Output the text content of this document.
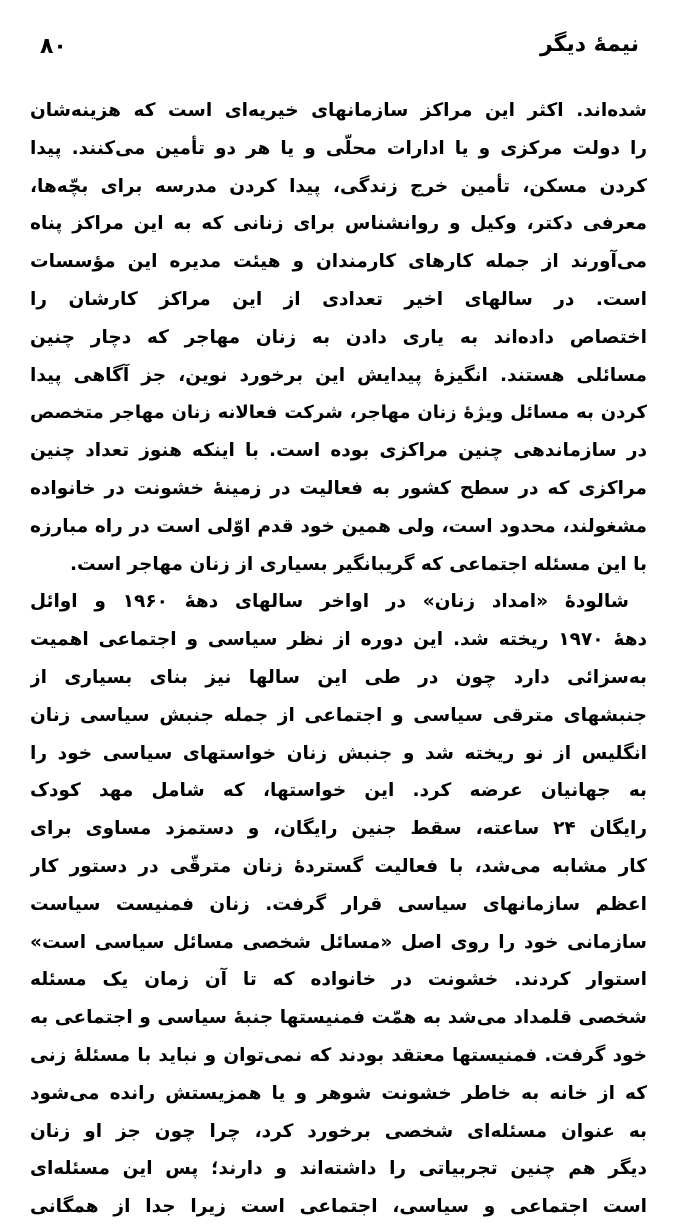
۸۰	نیمهٔ دیگر
شده‌اند. اکثر این مراکز سازمانهای خیریه‌ای است که هزینه‌شان
را دولت مرکزی و یا ادارات محلّی و یا هر دو تأمین می‌کنند. پیدا
کردن مسکن، تأمین خرج زندگی، پیدا کردن مدرسه برای بچّه‌ها،
معرفی دکتر، وکیل و روانشناس برای زنانی که به این مراکز پناه
می‌آورند از جمله کارهای کارمندان و هیئت مدیره این مؤسسات
است. در سالهای اخیر تعدادی از این مراکز کارشان را
اختصاص داده‌اند به یاری دادن به زنان مهاجر که دچار چنین
مسائلی هستند. انگیزهٔ پیدایش این برخورد نوین، جز آگاهی پیدا
کردن به مسائل ویژهٔ زنان مهاجر، شرکت فعالانه زنان مهاجر متخصص
در سازماندهی چنین مراکزی بوده است. با اینکه هنوز تعداد چنین
مراکزی که در سطح کشور به فعالیت در زمینهٔ خشونت در خانواده
مشغولند، محدود است، ولی همین خود قدم اوّلی است در راه مبارزه
با این مسئله اجتماعی که گریبانگیر بسیاری از زنان مهاجر است.
شالودهٔ «امداد زنان» در اواخر سالهای دههٔ ۱۹۶۰ و اوائل
دههٔ ۱۹۷۰ ریخته شد. این دوره از نظر سیاسی و اجتماعی اهمیت
به‌سزائی دارد چون در طی این سالها نیز بنای بسیاری از
جنبشهای مترقی سیاسی و اجتماعی از جمله جنبش سیاسی زنان
انگلیس از نو ریخته شد و جنبش زنان خواستهای سیاسی خود را
به جهانیان عرضه کرد. این خواستها، که شامل مهد کودک
رایگان ۲۴ ساعته، سقط جنین رایگان، و دستمزد مساوی برای
کار مشابه می‌شد، با فعالیت گستردهٔ زنان مترقّی در دستور کار
اعظم سازمانهای سیاسی قرار گرفت. زنان فمنیست سیاست
سازمانی خود را روی اصل «مسائل شخصی مسائل سیاسی است»
استوار کردند. خشونت در خانواده که تا آن زمان یک مسئله
شخصی قلمداد می‌شد به همّت فمنیستها جنبهٔ سیاسی و اجتماعی به
خود گرفت. فمنیستها معتقد بودند که نمی‌توان و نباید با مسئلهٔ زنی
که از خانه به خاطر خشونت شوهر و یا همزیستش رانده می‌شود
به عنوان مسئله‌ای شخصی برخورد کرد، چرا چون جز او زنان
دیگر هم چنین تجربیاتی را داشته‌اند و دارند؛ پس این مسئله‌ای
است اجتماعی و سیاسی، اجتماعی است زیرا جدا از همگانی
